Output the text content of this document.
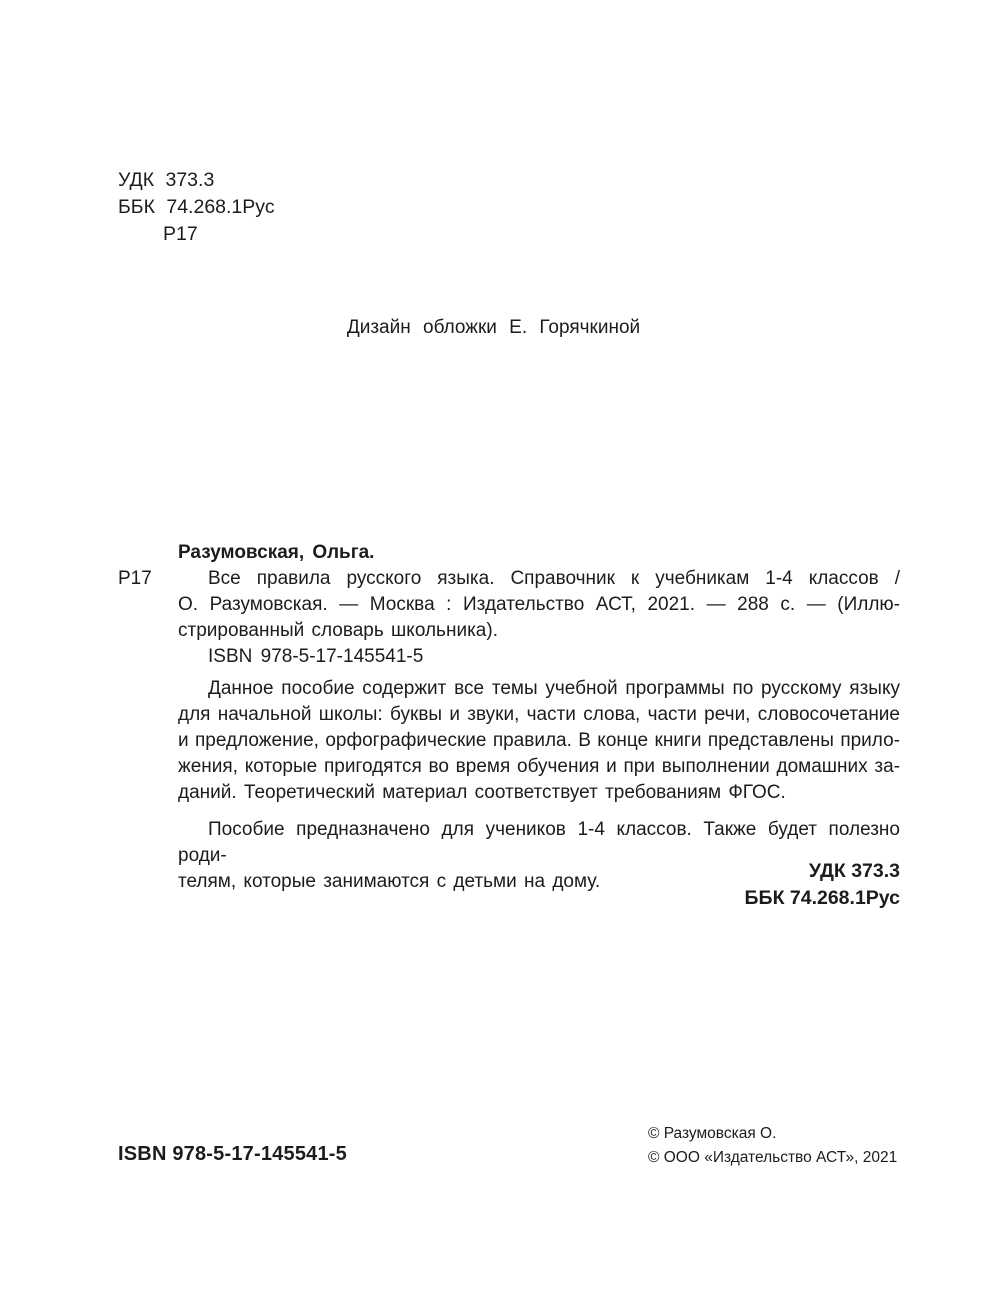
УДК 373.3
ББК 74.268.1Рус
Р17
Дизайн обложки Е. Горячкиной
Разумовская, Ольга.
Р17	Все правила русского языка. Справочник к учебникам 1-4 классов /
О. Разумовская. — Москва : Издательство АСТ, 2021. — 288 с. — (Иллю-
стрированный словарь школьника).
ISBN 978-5-17-145541-5
Данное пособие содержит все темы учебной программы по русскому языку
для начальной школы: буквы и звуки, части слова, части речи, словосочетание
и предложение, орфографические правила. В конце книги представлены прило-
жения, которые пригодятся во время обучения и при выполнении домашних за-
даний. Теоретический материал соответствует требованиям ФГОС.
Пособие предназначено для учеников 1-4 классов. Также будет полезно роди-
телям, которые занимаются с детьми на дому.	УДК 373.3
ББК 74.268.1Рус
ISBN 978-5-17-145541-5
© Разумовская О.
© ООО «Издательство АСТ», 2021
